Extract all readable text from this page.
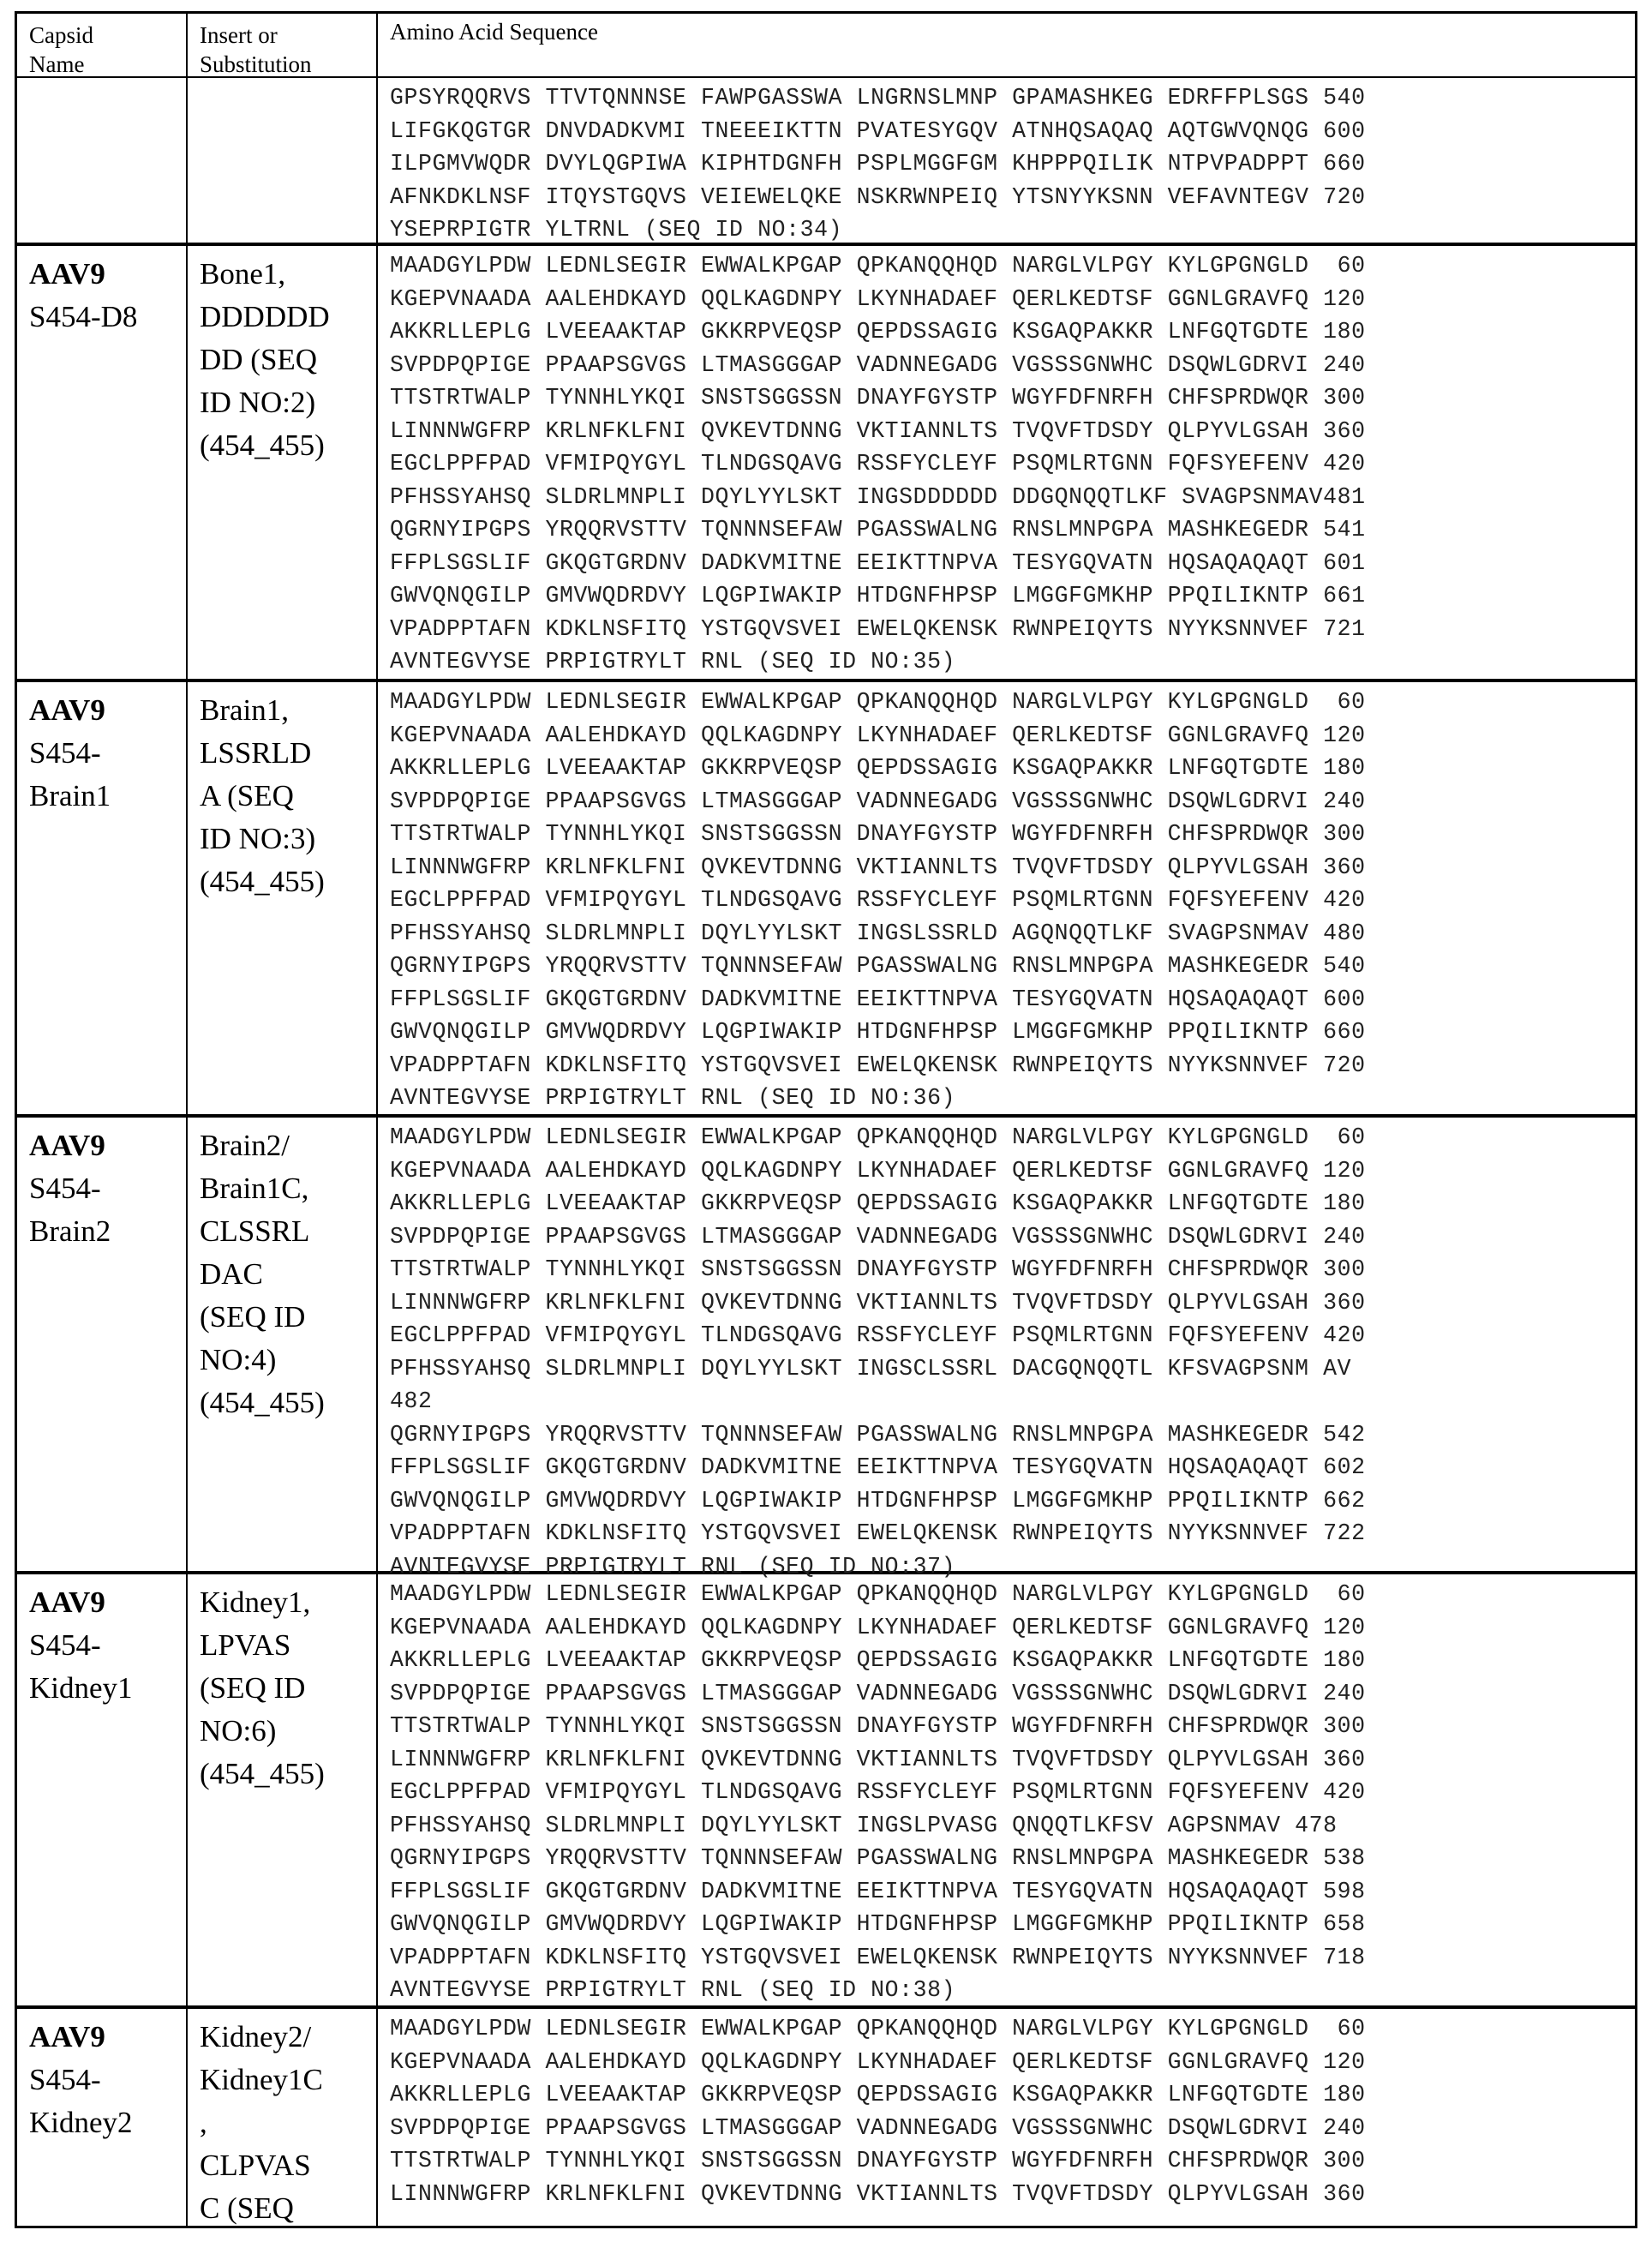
Capsid
Name
Insert or
Substitution
Amino Acid Sequence
GPSYRQQRVS TTVTQNNNSE FAWPGASSWA LNGRNSLMNP GPAMASHKEG EDRFFPLSGS 540
LIFGKQGTGR DNVDADKVMI TNEEEIKTTN PVATESYGQV ATNHQSAQAQ AQTGWVQNQG 600
ILPGMVWQDR DVYLQGPIWA KIPHTDGNFH PSPLMGGFGM KHPPPQILIK NTPVPADPPT 660
AFNKDKLNSF ITQYSTGQVS VEIEWELQKE NSKRWNPEIQ YTSNYYKSNN VEFAVNTEGV 720
YSEPRPIGTR YLTRNL (SEQ ID NO:34)
AAV9
S454-D8
Bone1,
DDDDDD
DD (SEQ
ID NO:2)
(454_455)
MAADGYLPDW LEDNLSEGIR EWWALKPGAP QPKANQQHQD NARGLVLPGY KYLGPGNGLD  60
KGEPVNAADA AALEHDKAYD QQLKAGDNPY LKYNHADAEF QERLKEDTSF GGNLGRAVFQ 120
AKKRLLEPLG LVEEAAKTAP GKKRPVEQSP QEPDSSAGIG KSGAQPAKKR LNFGQTGDTE 180
SVPDPQPIGE PPAAPSGVGS LTMASGGGAP VADNNEGADG VGSSSGNWHC DSQWLGDRVI 240
TTSTRTWALP TYNNHLYKQI SNSTSGGSSN DNAYFGYSTP WGYFDFNRFH CHFSPRDWQR 300
LINNNWGFRP KRLNFKLFNI QVKEVTDNNG VKTIANNLTS TVQVFTDSDY QLPYVLGSAH 360
EGCLPPFPAD VFMIPQYGYL TLNDGSQAVG RSSFYCLEYF PSQMLRTGNN FQFSYEFENV 420
PFHSSYAHSQ SLDRLMNPLI DQYLYYLSKT INGSDDDDDD DDGQNQQTLKF SVAGPSNMAV481
QGRNYIPGPS YRQQRVSTTV TQNNNSEFAW PGASSWALNG RNSLMNPGPA MASHKEGEDR 541
FFPLSGSLIF GKQGTGRDNV DADKVMITNE EEIKTTNPVA TESYGQVATN HQSAQAQAQT 601
GWVQNQGILP GMVWQDRDVY LQGPIWAKIP HTDGNFHPSP LMGGFGMKHP PPQILIKNTP 661
VPADPPTAFN KDKLNSFITQ YSTGQVSVEI EWELQKENSK RWNPEIQYTS NYYKSNNVEF 721
AVNTEGVYSE PRPIGTRYLT RNL (SEQ ID NO:35)
AAV9
S454-
Brain1
Brain1,
LSSRLD
A (SEQ
ID NO:3)
(454_455)
MAADGYLPDW LEDNLSEGIR EWWALKPGAP QPKANQQHQD NARGLVLPGY KYLGPGNGLD  60
KGEPVNAADA AALEHDKAYD QQLKAGDNPY LKYNHADAEF QERLKEDTSF GGNLGRAVFQ 120
AKKRLLEPLG LVEEAAKTAP GKKRPVEQSP QEPDSSAGIG KSGAQPAKKR LNFGQTGDTE 180
SVPDPQPIGE PPAAPSGVGS LTMASGGGAP VADNNEGADG VGSSSGNWHC DSQWLGDRVI 240
TTSTRTWALP TYNNHLYKQI SNSTSGGSSN DNAYFGYSTP WGYFDFNRFH CHFSPRDWQR 300
LINNNWGFRP KRLNFKLFNI QVKEVTDNNG VKTIANNLTS TVQVFTDSDY QLPYVLGSAH 360
EGCLPPFPAD VFMIPQYGYL TLNDGSQAVG RSSFYCLEYF PSQMLRTGNN FQFSYEFENV 420
PFHSSYAHSQ SLDRLMNPLI DQYLYYLSKT INGSLSSRLD AGQNQQTLKF SVAGPSNMAV 480
QGRNYIPGPS YRQQRVSTTV TQNNNSEFAW PGASSWALNG RNSLMNPGPA MASHKEGEDR 540
FFPLSGSLIF GKQGTGRDNV DADKVMITNE EEIKTTNPVA TESYGQVATN HQSAQAQAQT 600
GWVQNQGILP GMVWQDRDVY LQGPIWAKIP HTDGNFHPSP LMGGFGMKHP PPQILIKNTP 660
VPADPPTAFN KDKLNSFITQ YSTGQVSVEI EWELQKENSK RWNPEIQYTS NYYKSNNVEF 720
AVNTEGVYSE PRPIGTRYLT RNL (SEQ ID NO:36)
AAV9
S454-
Brain2
Brain2/
Brain1C,
CLSSRL
DAC
(SEQ ID
NO:4)
(454_455)
MAADGYLPDW LEDNLSEGIR EWWALKPGAP QPKANQQHQD NARGLVLPGY KYLGPGNGLD  60
KGEPVNAADA AALEHDKAYD QQLKAGDNPY LKYNHADAEF QERLKEDTSF GGNLGRAVFQ 120
AKKRLLEPLG LVEEAAKTAP GKKRPVEQSP QEPDSSAGIG KSGAQPAKKR LNFGQTGDTE 180
SVPDPQPIGE PPAAPSGVGS LTMASGGGAP VADNNEGADG VGSSSGNWHC DSQWLGDRVI 240
TTSTRTWALP TYNNHLYKQI SNSTSGGSSN DNAYFGYSTP WGYFDFNRFH CHFSPRDWQR 300
LINNNWGFRP KRLNFKLFNI QVKEVTDNNG VKTIANNLTS TVQVFTDSDY QLPYVLGSAH 360
EGCLPPFPAD VFMIPQYGYL TLNDGSQAVG RSSFYCLEYF PSQMLRTGNN FQFSYEFENV 420
PFHSSYAHSQ SLDRLMNPLI DQYLYYLSKT INGSCLSSRL DACGQNQQTL KFSVAGPSNM AV
482
QGRNYIPGPS YRQQRVSTTV TQNNNSEFAW PGASSWALNG RNSLMNPGPA MASHKEGEDR 542
FFPLSGSLIF GKQGTGRDNV DADKVMITNE EEIKTTNPVA TESYGQVATN HQSAQAQAQT 602
GWVQNQGILP GMVWQDRDVY LQGPIWAKIP HTDGNFHPSP LMGGFGMKHP PPQILIKNTP 662
VPADPPTAFN KDKLNSFITQ YSTGQVSVEI EWELQKENSK RWNPEIQYTS NYYKSNNVEF 722
AVNTEGVYSE PRPIGTRYLT RNL (SEQ ID NO:37)
AAV9
S454-
Kidney1
Kidney1,
LPVAS
(SEQ ID
NO:6)
(454_455)
MAADGYLPDW LEDNLSEGIR EWWALKPGAP QPKANQQHQD NARGLVLPGY KYLGPGNGLD  60
KGEPVNAADA AALEHDKAYD QQLKAGDNPY LKYNHADAEF QERLKEDTSF GGNLGRAVFQ 120
AKKRLLEPLG LVEEAAKTAP GKKRPVEQSP QEPDSSAGIG KSGAQPAKKR LNFGQTGDTE 180
SVPDPQPIGE PPAAPSGVGS LTMASGGGAP VADNNEGADG VGSSSGNWHC DSQWLGDRVI 240
TTSTRTWALP TYNNHLYKQI SNSTSGGSSN DNAYFGYSTP WGYFDFNRFH CHFSPRDWQR 300
LINNNWGFRP KRLNFKLFNI QVKEVTDNNG VKTIANNLTS TVQVFTDSDY QLPYVLGSAH 360
EGCLPPFPAD VFMIPQYGYL TLNDGSQAVG RSSFYCLEYF PSQMLRTGNN FQFSYEFENV 420
PFHSSYAHSQ SLDRLMNPLI DQYLYYLSKT INGSLPVASG QNQQTLKFSV AGPSNMAV 478
QGRNYIPGPS YRQQRVSTTV TQNNNSEFAW PGASSWALNG RNSLMNPGPA MASHKEGEDR 538
FFPLSGSLIF GKQGTGRDNV DADKVMITNE EEIKTTNPVA TESYGQVATN HQSAQAQAQT 598
GWVQNQGILP GMVWQDRDVY LQGPIWAKIP HTDGNFHPSP LMGGFGMKHP PPQILIKNTP 658
VPADPPTAFN KDKLNSFITQ YSTGQVSVEI EWELQKENSK RWNPEIQYTS NYYKSNNVEF 718
AVNTEGVYSE PRPIGTRYLT RNL (SEQ ID NO:38)
AAV9
S454-
Kidney2
Kidney2/
Kidney1C
,
CLPVAS
C (SEQ
MAADGYLPDW LEDNLSEGIR EWWALKPGAP QPKANQQHQD NARGLVLPGY KYLGPGNGLD  60
KGEPVNAADA AALEHDKAYD QQLKAGDNPY LKYNHADAEF QERLKEDTSF GGNLGRAVFQ 120
AKKRLLEPLG LVEEAAKTAP GKKRPVEQSP QEPDSSAGIG KSGAQPAKKR LNFGQTGDTE 180
SVPDPQPIGE PPAAPSGVGS LTMASGGGAP VADNNEGADG VGSSSGNWHC DSQWLGDRVI 240
TTSTRTWALP TYNNHLYKQI SNSTSGGSSN DNAYFGYSTP WGYFDFNRFH CHFSPRDWQR 300
LINNNWGFRP KRLNFKLFNI QVKEVTDNNG VKTIANNLTS TVQVFTDSDY QLPYVLGSAH 360
